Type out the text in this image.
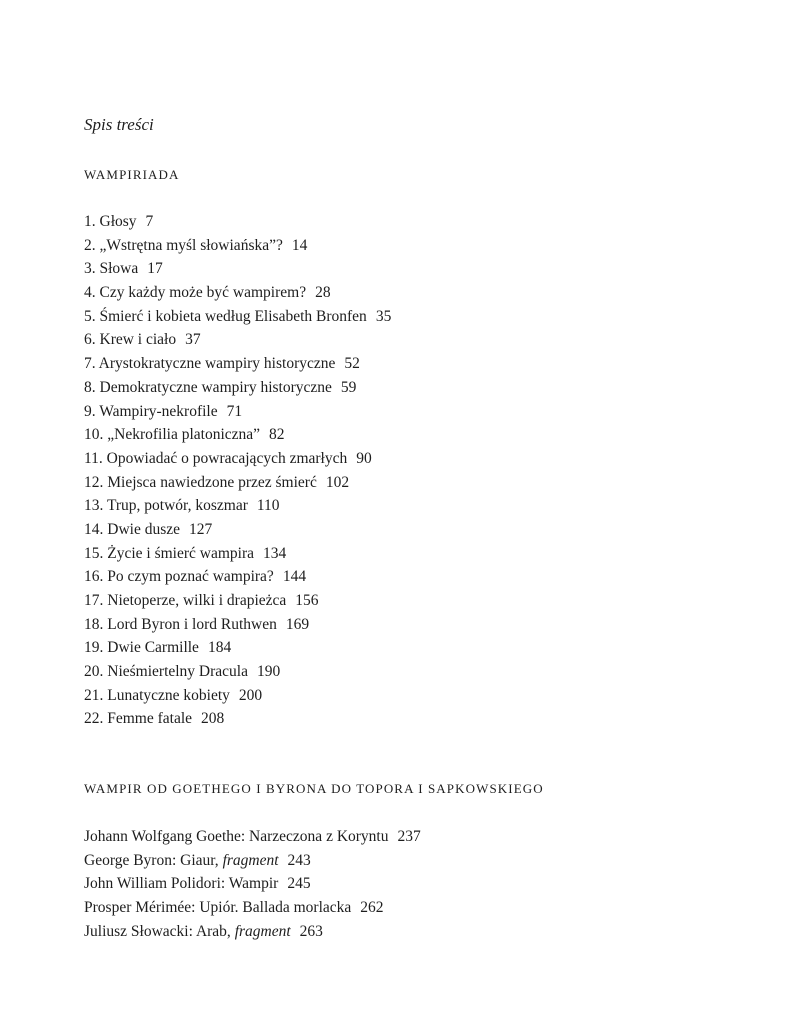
Spis treści
WAMPIRIADA
1. Głosy 7
2. „Wstrętna myśl słowiańska”? 14
3. Słowa 17
4. Czy każdy może być wampirem? 28
5. Śmierć i kobieta według Elisabeth Bronfen 35
6. Krew i ciało 37
7. Arystokratyczne wampiry historyczne 52
8. Demokratyczne wampiry historyczne 59
9. Wampiry-nekrofile 71
10. „Nekrofilia platoniczna” 82
11. Opowiadać o powracających zmarłych 90
12. Miejsca nawiedzone przez śmierć 102
13. Trup, potwór, koszmar 110
14. Dwie dusze 127
15. Życie i śmierć wampira 134
16. Po czym poznać wampira? 144
17. Nietoperze, wilki i drapieżca 156
18. Lord Byron i lord Ruthwen 169
19. Dwie Carmille 184
20. Nieśmiertelny Dracula 190
21. Lunatyczne kobiety 200
22. Femme fatale 208
WAMPIR OD GOETHEGO I BYRONA DO TOPORA I SAPKOWSKIEGO
Johann Wolfgang Goethe: Narzeczona z Koryntu 237
George Byron: Giaur, fragment 243
John William Polidori: Wampir 245
Prosper Mérimée: Upiór. Ballada morlacka 262
Juliusz Słowacki: Arab, fragment 263
